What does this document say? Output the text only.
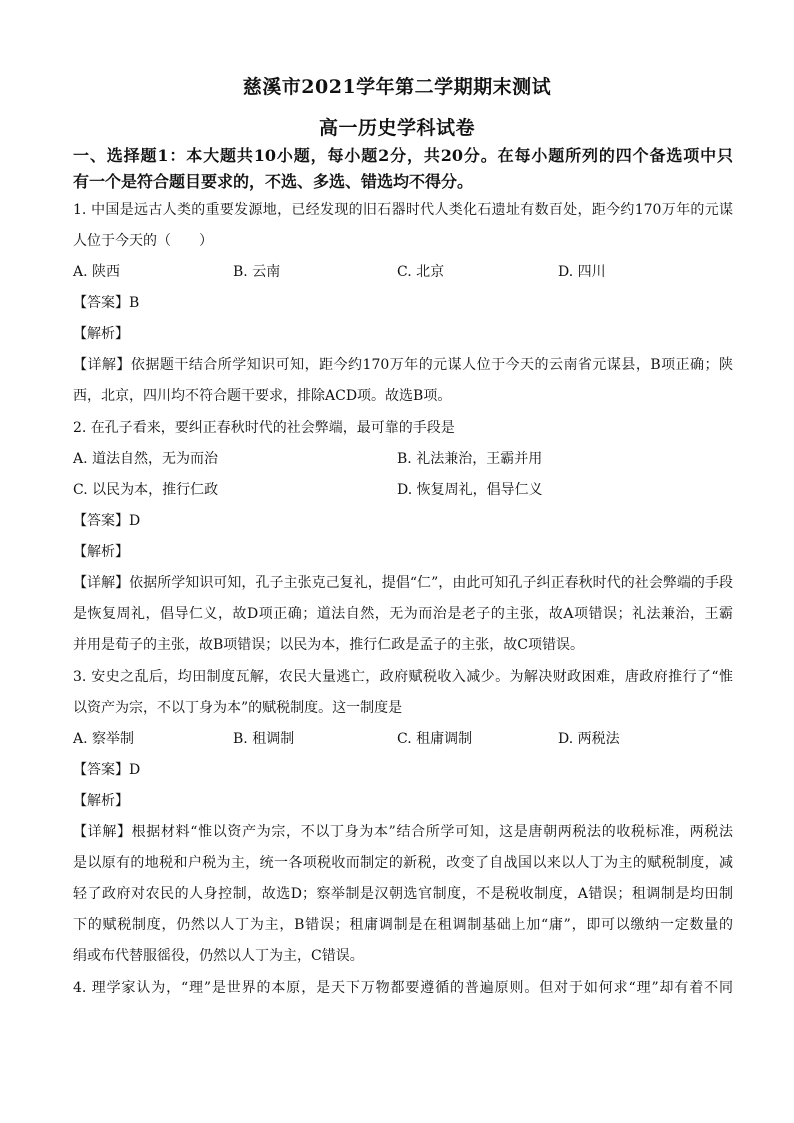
慈溪市2021学年第二学期期末测试
高一历史学科试卷
一、选择题1：本大题共10小题，每小题2分，共20分。在每小题所列的四个备选项中只
有一个是符合题目要求的，不选、多选、错选均不得分。
1. 中国是远古人类的重要发源地，已经发现的旧石器时代人类化石遗址有数百处，距今约170万年的元谋
人位于今天的（　　）
A. 陕西	B. 云南	C. 北京	D. 四川
【答案】B
【解析】
【详解】依据题干结合所学知识可知，距今约170万年的元谋人位于今天的云南省元谋县，B项正确；陕
西，北京，四川均不符合题干要求，排除ACD项。故选B项。
2. 在孔子看来，要纠正春秋时代的社会弊端，最可靠的手段是
A. 道法自然，无为而治	B. 礼法兼治，王霸并用
C. 以民为本，推行仁政	D. 恢复周礼，倡导仁义
【答案】D
【解析】
【详解】依据所学知识可知，孔子主张克己复礼，提倡“仁”，由此可知孔子纠正春秋时代的社会弊端的手段
是恢复周礼，倡导仁义，故D项正确；道法自然，无为而治是老子的主张，故A项错误；礼法兼治，王霸
并用是荀子的主张，故B项错误；以民为本，推行仁政是孟子的主张，故C项错误。
3. 安史之乱后，均田制度瓦解，农民大量逃亡，政府赋税收入减少。为解决财政困难，唐政府推行了“惟
以资产为宗，不以丁身为本”的赋税制度。这一制度是
A. 察举制	B. 租调制	C. 租庸调制	D. 两税法
【答案】D
【解析】
【详解】根据材料“惟以资产为宗，不以丁身为本”结合所学可知，这是唐朝两税法的收税标准，两税法
是以原有的地税和户税为主，统一各项税收而制定的新税，改变了自战国以来以人丁为主的赋税制度，减
轻了政府对农民的人身控制，故选D；察举制是汉朝选官制度，不是税收制度，A错误；租调制是均田制
下的赋税制度，仍然以人丁为主，B错误；租庸调制是在租调制基础上加“庸”，即可以缴纳一定数量的
绢或布代替服徭役，仍然以人丁为主，C错误。
4. 理学家认为，“理”是世界的本原，是天下万物都要遵循的普遍原则。但对于如何求“理”却有着不同
